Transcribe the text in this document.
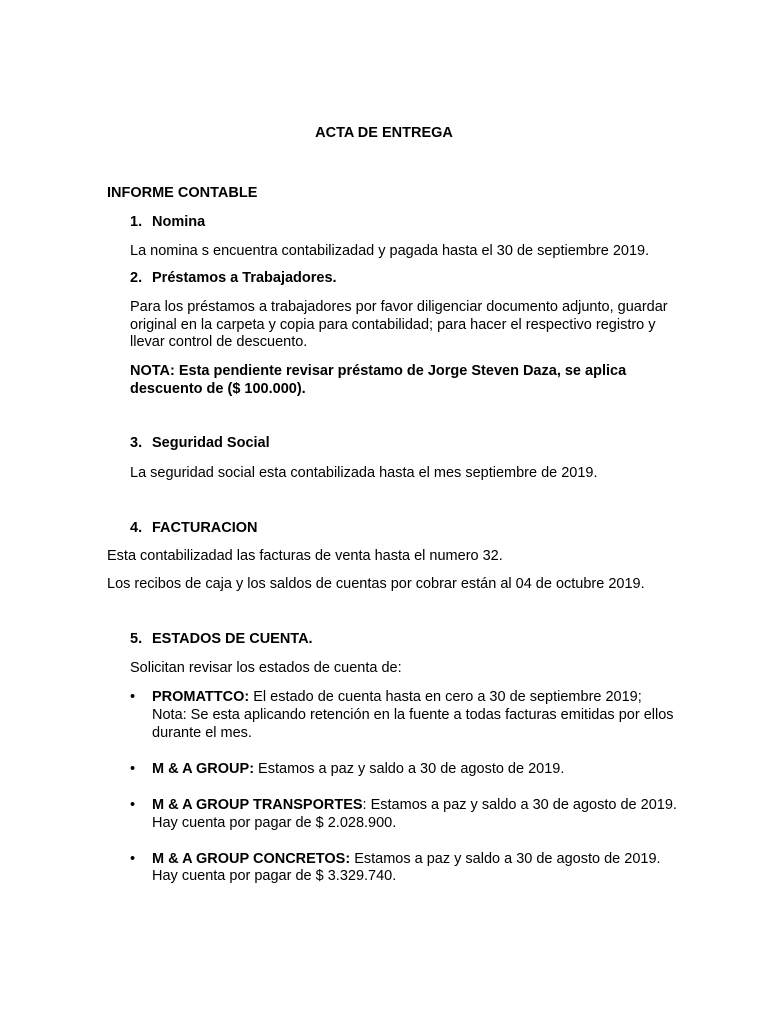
ACTA DE ENTREGA
INFORME CONTABLE
1. Nomina
La nomina s encuentra contabilizadad y pagada hasta el 30 de septiembre 2019.
2. Préstamos a Trabajadores.
Para los préstamos a trabajadores por favor diligenciar documento adjunto, guardar
original en la carpeta y copia para contabilidad; para hacer el respectivo registro y
llevar control de descuento.
NOTA: Esta pendiente revisar préstamo de Jorge Steven Daza, se aplica
descuento de ($ 100.000).
3. Seguridad Social
La seguridad social esta contabilizada hasta el mes septiembre de 2019.
4. FACTURACION
Esta contabilizadad las facturas de venta hasta el numero 32.
Los recibos de caja y los saldos de cuentas por cobrar están al 04 de octubre 2019.
5. ESTADOS DE CUENTA.
Solicitan revisar los estados de cuenta de:
• PROMATTCO: El estado de cuenta hasta en cero a 30 de septiembre 2019;
Nota: Se esta aplicando retención en la fuente a todas facturas emitidas por ellos
durante el mes.
• M & A GROUP: Estamos a paz y saldo a 30 de agosto de 2019.
• M & A GROUP TRANSPORTES: Estamos a paz y saldo a 30 de agosto de 2019.
Hay cuenta por pagar de $ 2.028.900.
• M & A GROUP CONCRETOS: Estamos a paz y saldo a 30 de agosto de 2019.
Hay cuenta por pagar de $ 3.329.740.
